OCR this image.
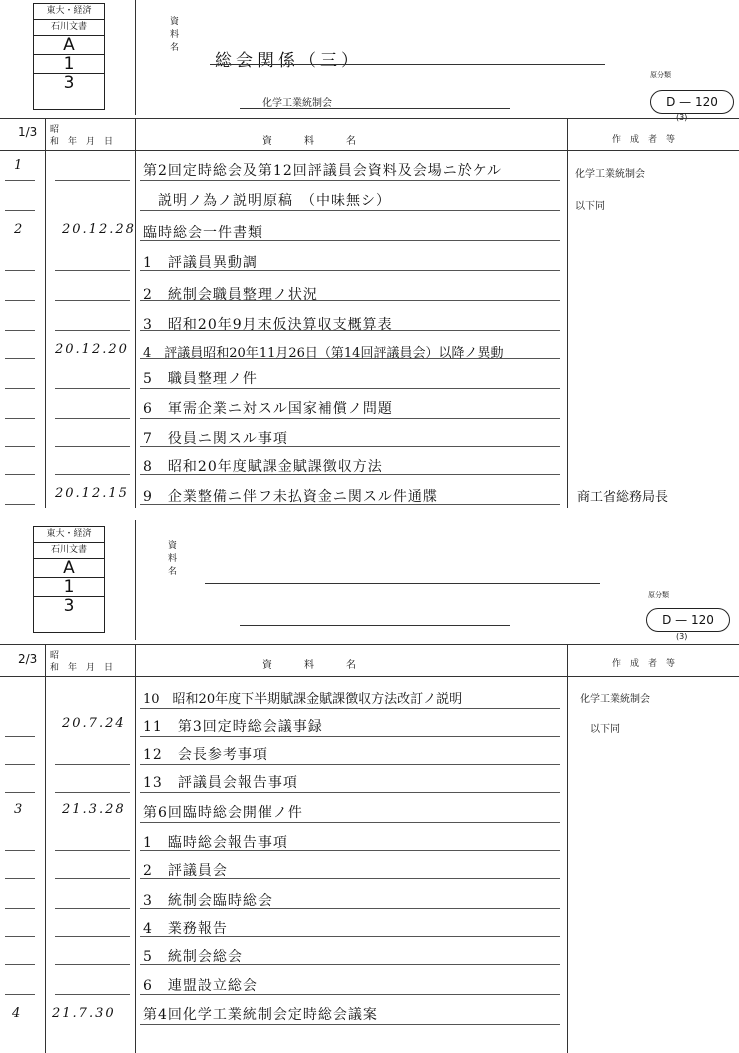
東大・経済
石川文書
A
1
3
資
料
名
総会関係（三）
化学工業統制会
原分類
D — 120
(3)
1/3 昭
和　年　月　日	資　　料　　名	作　成　者　等
1	第2回定時総会及第12回評議員会資料及会場ニ於ケル	化学工業統制会
　説明ノ為ノ説明原稿　（中味無シ）	以下同
2	20.12.28 臨時総会一件書類
1　評議員異動調
2　統制会職員整理ノ状況
3　昭和20年9月末仮決算収支概算表
20.12.20 4　評議員昭和20年11月26日（第14回評議員会）以降ノ異動
5　職員整理ノ件
6　軍需企業ニ対スル国家補償ノ問題
7　役員ニ関スル事項
8　昭和20年度賦課金賦課徴収方法
20.12.15 9　企業整備ニ伴フ未払資金ニ関スル件通牒	商工省総務局長
東大・経済
石川文書
A
1
3
資
料
名
原分類
D — 120
(3)
2/3 昭
和　年　月　日	資　　料　　名	作　成　者　等
10　昭和20年度下半期賦課金賦課徴収方法改訂ノ説明	化学工業統制会
20.7.24 11　第3回定時総会議事録	以下同
12　会長参考事項
13　評議員会報告事項
3	21.3.28 第6回臨時総会開催ノ件
1　臨時総会報告事項
2　評議員会
3　統制会臨時総会
4　業務報告
5　統制会総会
6　連盟設立総会
4 21.7.30 第4回化学工業統制会定時総会議案
